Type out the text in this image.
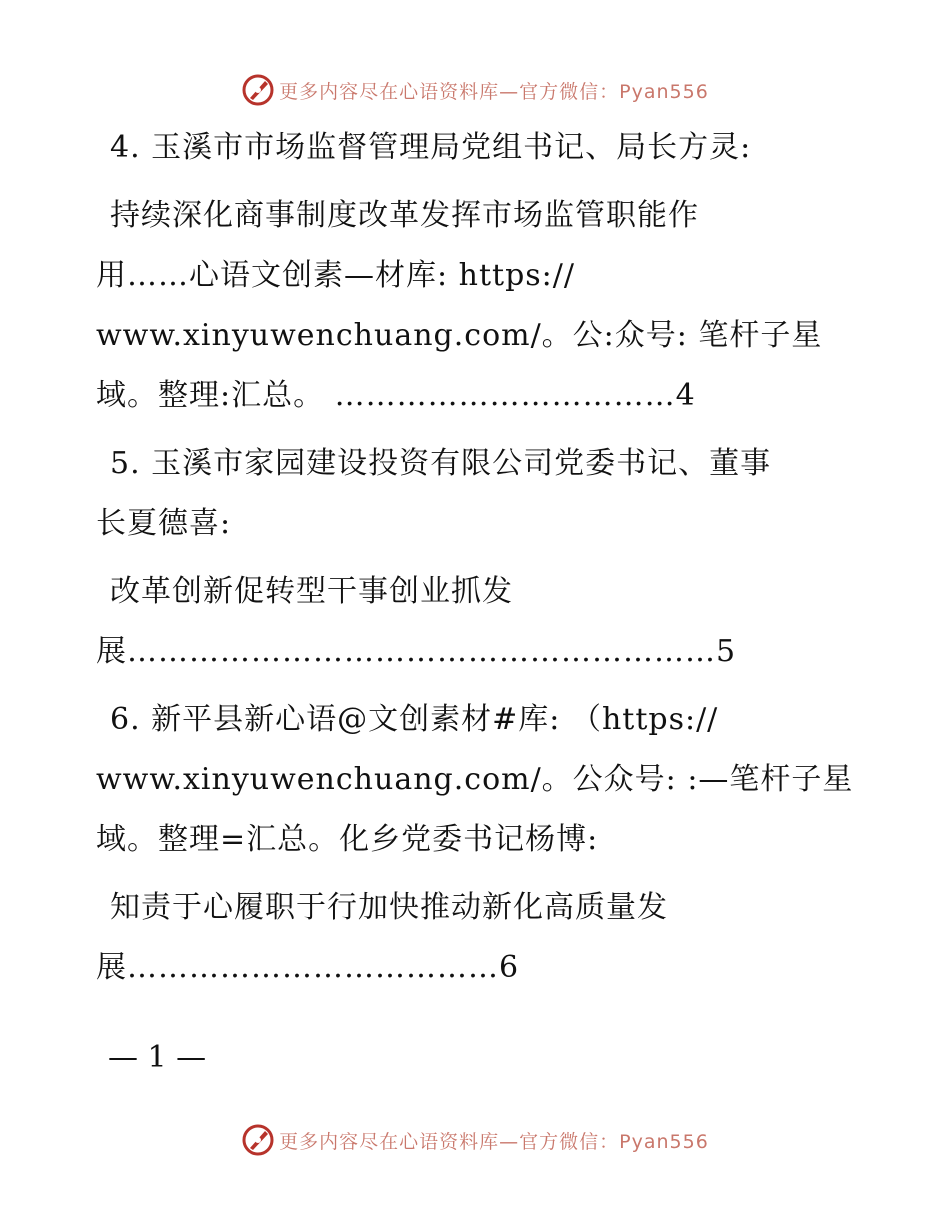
更多内容尽在心语资料库—官方微信：Pyan556
4. 玉溪市市场监督管理局党组书记、局长方灵:
持续深化商事制度改革发挥市场监管职能作
用……心语文创素—材库: https://
www.xinyuwenchuang.com/。公:众号: 笔杆子星
域。整理:汇总。 ……………………………4
5. 玉溪市家园建设投资有限公司党委书记、董事
长夏德喜:
改革创新促转型干事创业抓发
展…………………………………………………5
6. 新平县新心语@文创素材#库: （https://
www.xinyuwenchuang.com/。公众号: :—笔杆子星
域。整理=汇总。化乡党委书记杨博:
知责于心履职于行加快推动新化高质量发
展………………………………6
— 1 —
更多内容尽在心语资料库—官方微信：Pyan556
